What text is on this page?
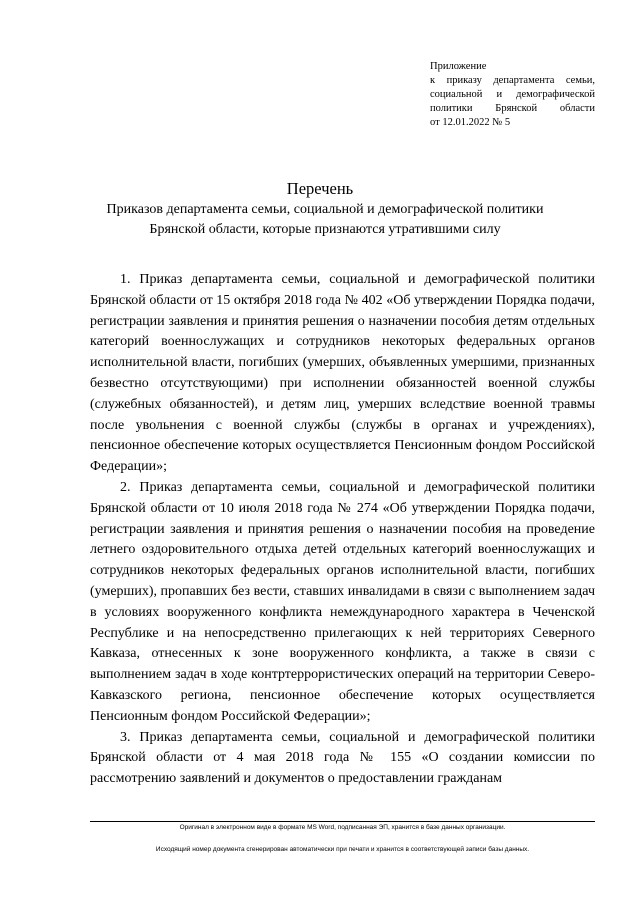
Приложение
к приказу департамента семьи,
социальной и демографической
политики Брянской области
от 12.01.2022 № 5
Перечень
Приказов департамента семьи, социальной и демографической политики Брянской области, которые признаются утратившими силу

1. Приказ департамента семьи, социальной и демографической политики Брянской области от 15 октября 2018 года № 402 «Об утверждении Порядка подачи, регистрации заявления и принятия решения о назначении пособия детям отдельных категорий военнослужащих и сотрудников некоторых федеральных органов исполнительной власти, погибших (умерших, объявленных умершими, признанных безвестно отсутствующими) при исполнении обязанностей военной службы (служебных обязанностей), и детям лиц, умерших вследствие военной травмы после увольнения с военной службы (службы в органах и учреждениях), пенсионное обеспечение которых осуществляется Пенсионным фондом Российской Федерации»;

2. Приказ департамента семьи, социальной и демографической политики Брянской области от 10 июля 2018 года № 274 «Об утверждении Порядка подачи, регистрации заявления и принятия решения о назначении пособия на проведение летнего оздоровительного отдыха детей отдельных категорий военнослужащих и сотрудников некоторых федеральных органов исполнительной власти, погибших (умерших), пропавших без вести, ставших инвалидами в связи с выполнением задач в условиях вооруженного конфликта немеждународного характера в Чеченской Республике и на непосредственно прилегающих к ней территориях Северного Кавказа, отнесенных к зоне вооруженного конфликта, а также в связи с выполнением задач в ходе контртеррористических операций на территории Северо-Кавказского региона, пенсионное обеспечение которых осуществляется Пенсионным фондом Российской Федерации»;

3. Приказ департамента семьи, социальной и демографической политики Брянской области от 4 мая 2018 года № 155 «О создании комиссии по рассмотрению заявлений и документов о предоставлении гражданам

Оригинал в электронном виде в формате MS Word, подписанная ЭП, хранится в базе данных организации.
Исходящий номер документа сгенерирован автоматически при печати и хранится в соответствующей записи базы данных.
